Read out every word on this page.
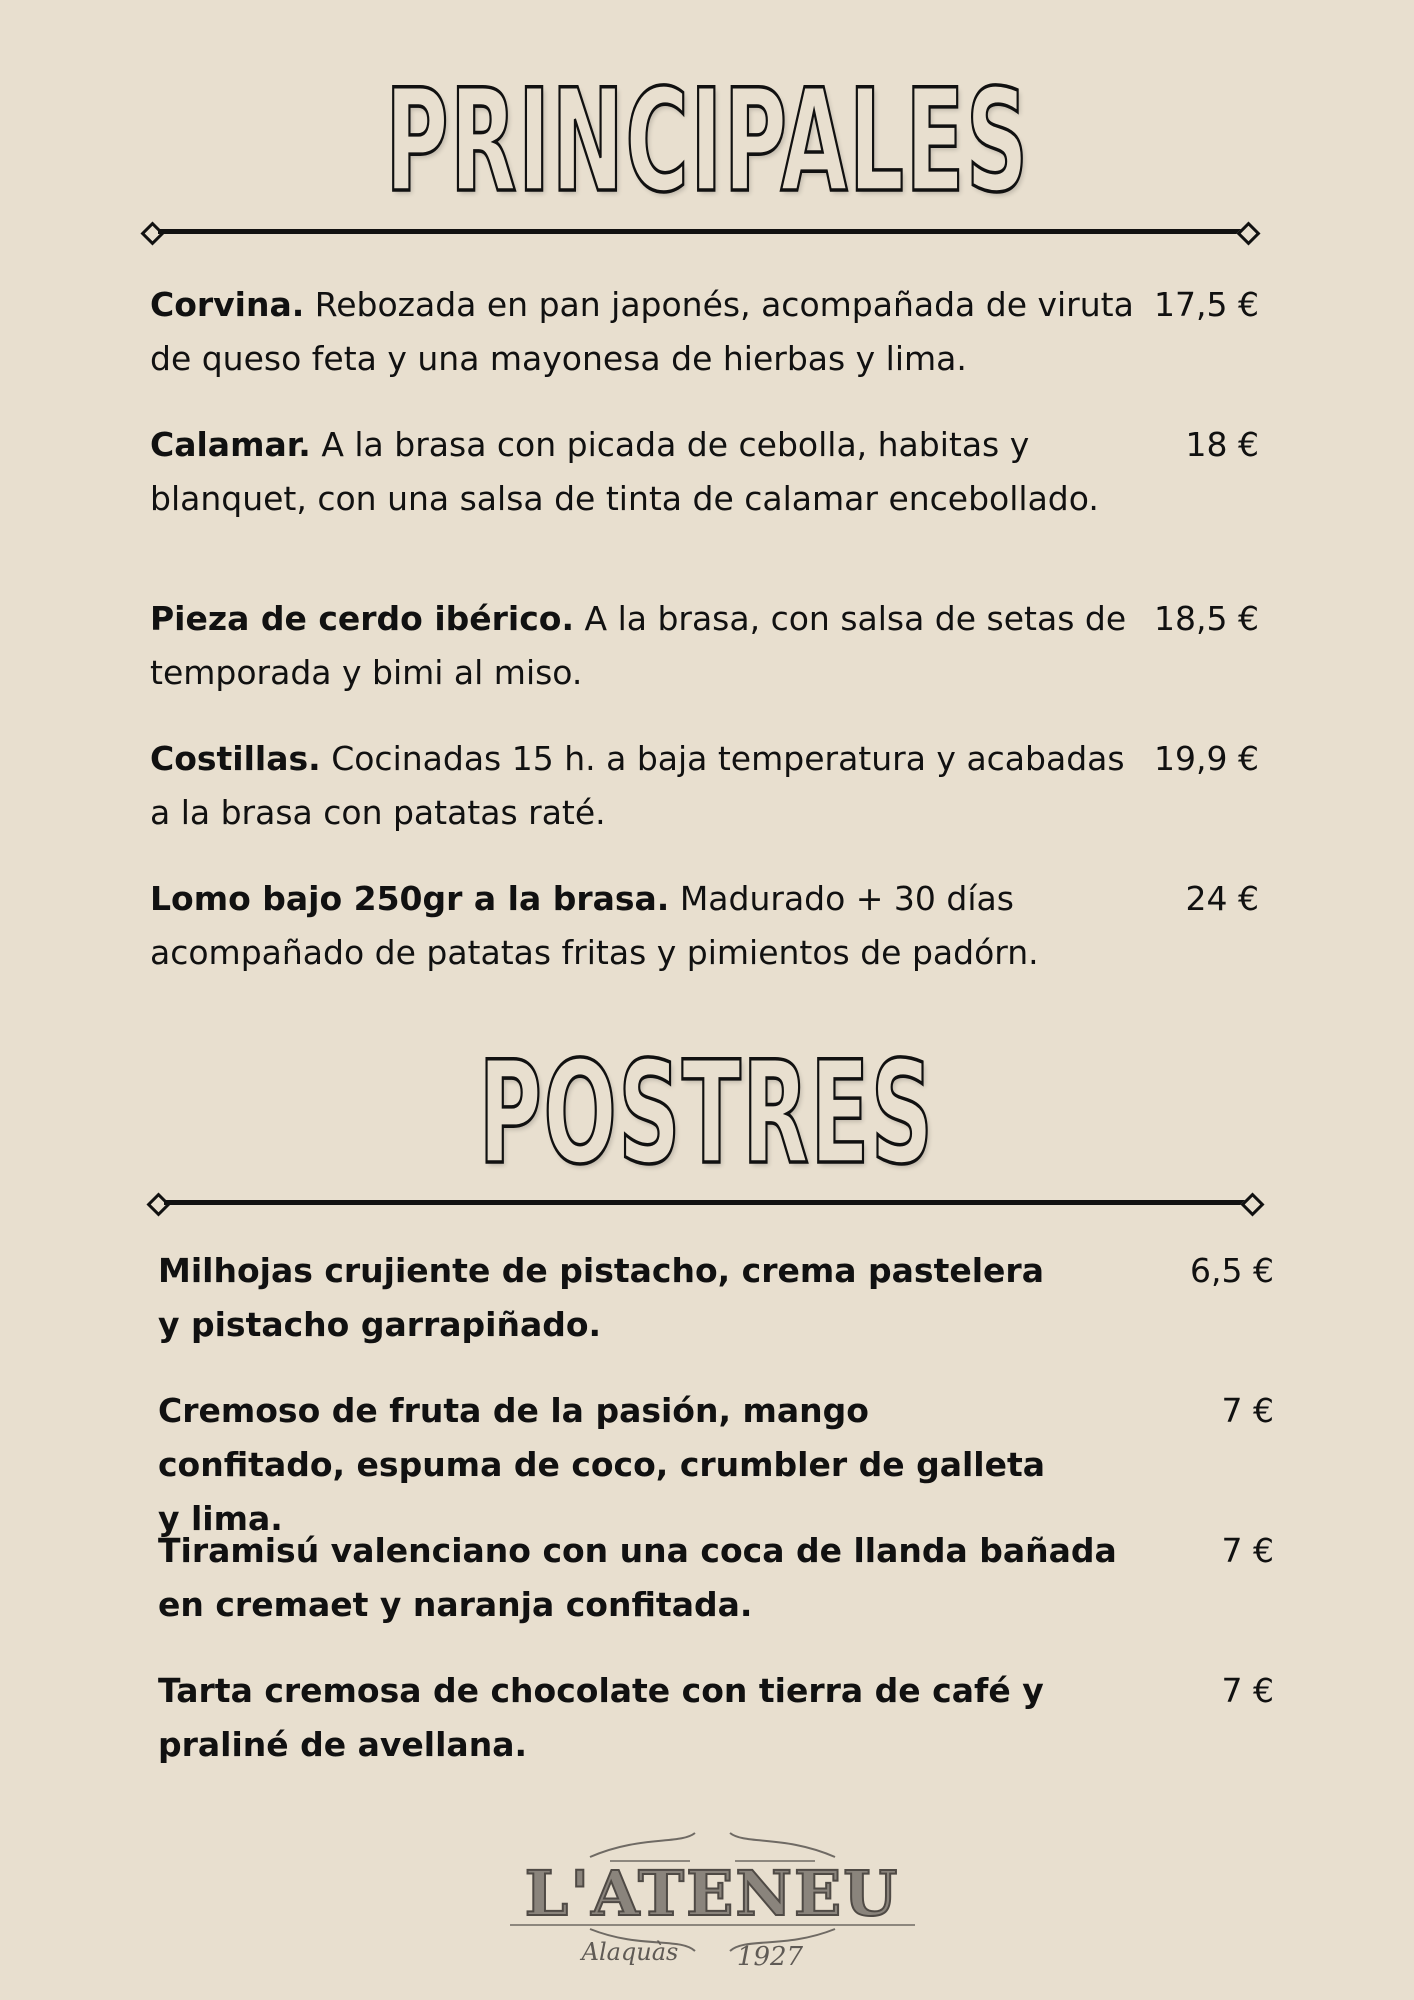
PRINCIPALES
Corvina. Rebozada en pan japonés, acompañada de viruta de queso feta y una mayonesa de hierbas y lima.
17,5 €
Calamar. A la brasa con picada de cebolla, habitas y blanquet, con una salsa de tinta de calamar encebollado.
18 €
Pieza de cerdo ibérico. A la brasa, con salsa de setas de temporada y bimi al miso.
18,5 €
Costillas. Cocinadas 15 h. a baja temperatura y acabadas a la brasa con patatas raté.
19,9 €
Lomo bajo 250gr a la brasa. Madurado + 30 días acompañado de patatas fritas y pimientos de padórn.
24 €
POSTRES
Milhojas crujiente de pistacho, crema pastelera y pistacho garrapiñado.
6,5 €
Cremoso de fruta de la pasión, mango confitado, espuma de coco, crumbler de galleta y lima.
7 €
Tiramisú valenciano con una coca de llanda bañada en cremaet y naranja confitada.
7 €
Tarta cremosa de chocolate con tierra de café y praliné de avellana.
7 €
L'ATENEU
Alaquàs 1927
